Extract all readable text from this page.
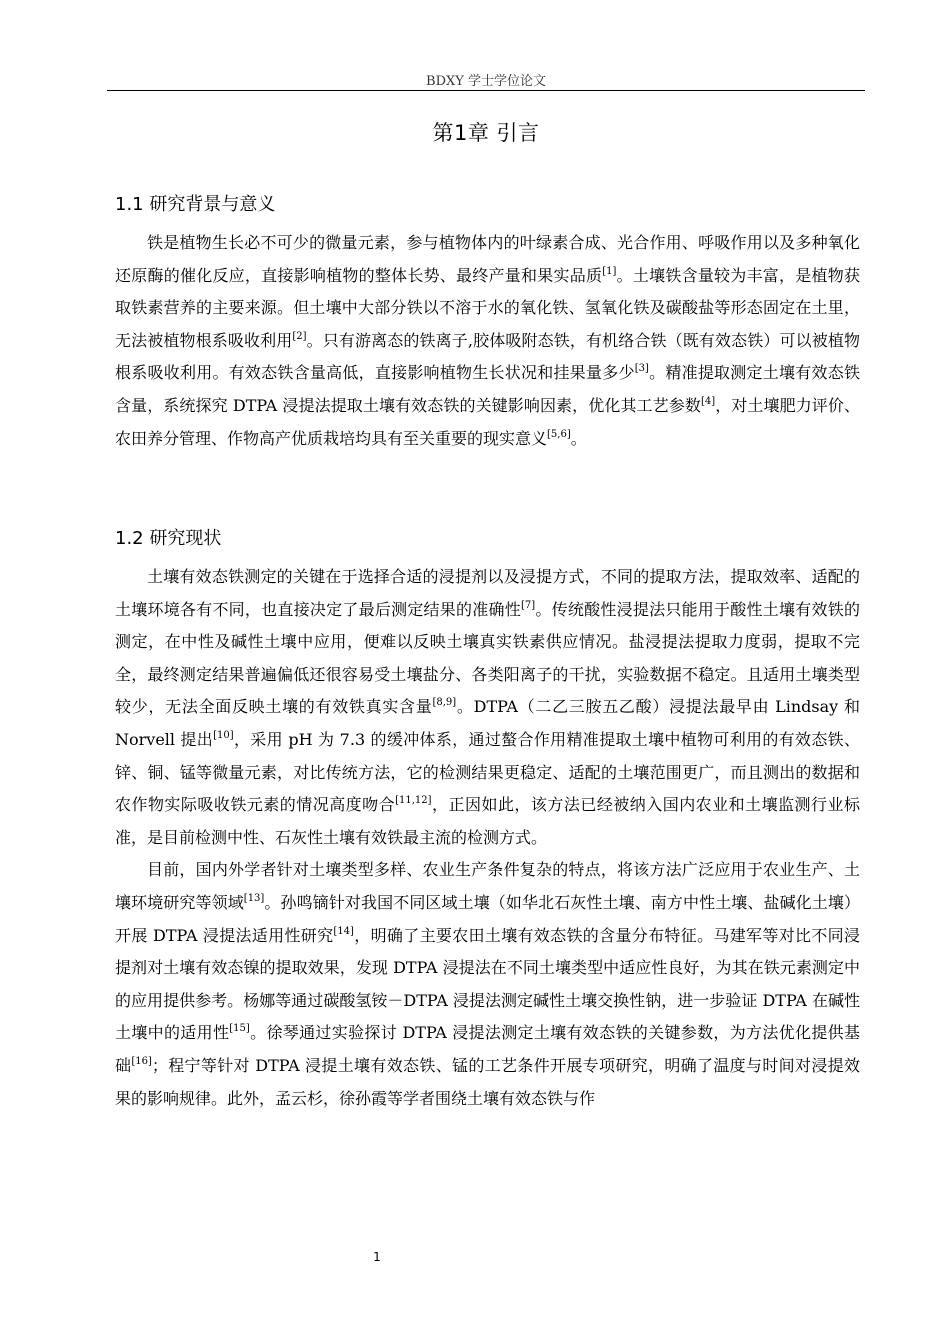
BDXY 学士学位论文
第1章 引言
1.1 研究背景与意义

铁是植物生长必不可少的微量元素，参与植物体内的叶绿素合成、光合作用、呼吸作用以及多种氧化还原酶的催化反应，直接影响植物的整体长势、最终产量和果实品质[1]。土壤铁含量较为丰富，是植物获取铁素营养的主要来源。但土壤中大部分铁以不溶于水的氧化铁、氢氧化铁及碳酸盐等形态固定在土里，无法被植物根系吸收利用[2]。只有游离态的铁离子,胶体吸附态铁，有机络合铁（既有效态铁）可以被植物根系吸收利用。有效态铁含量高低，直接影响植物生长状况和挂果量多少[3]。精准提取测定土壤有效态铁含量，系统探究 DTPA 浸提法提取土壤有效态铁的关键影响因素，优化其工艺参数[4]，对土壤肥力评价、农田养分管理、作物高产优质栽培均具有至关重要的现实意义[5,6]。

1.2 研究现状

土壤有效态铁测定的关键在于选择合适的浸提剂以及浸提方式，不同的提取方法，提取效率、适配的土壤环境各有不同，也直接决定了最后测定结果的准确性[7]。传统酸性浸提法只能用于酸性土壤有效铁的测定，在中性及碱性土壤中应用，便难以反映土壤真实铁素供应情况。盐浸提法提取力度弱，提取不完全，最终测定结果普遍偏低还很容易受土壤盐分、各类阳离子的干扰，实验数据不稳定。且适用土壤类型较少，无法全面反映土壤的有效铁真实含量[8,9]。DTPA（二乙三胺五乙酸）浸提法最早由 Lindsay 和 Norvell 提出[10]，采用 pH 为 7.3 的缓冲体系，通过螯合作用精准提取土壤中植物可利用的有效态铁、锌、铜、锰等微量元素，对比传统方法，它的检测结果更稳定、适配的土壤范围更广，而且测出的数据和农作物实际吸收铁元素的情况高度吻合[11,12]，正因如此，该方法已经被纳入国内农业和土壤监测行业标准，是目前检测中性、石灰性土壤有效铁最主流的检测方式。

目前，国内外学者针对土壤类型多样、农业生产条件复杂的特点，将该方法广泛应用于农业生产、土壤环境研究等领域[13]。孙鸣镝针对我国不同区域土壤（如华北石灰性土壤、南方中性土壤、盐碱化土壤）开展 DTPA 浸提法适用性研究[14]，明确了主要农田土壤有效态铁的含量分布特征。马建军等对比不同浸提剂对土壤有效态镍的提取效果，发现 DTPA 浸提法在不同土壤类型中适应性良好，为其在铁元素测定中的应用提供参考。杨娜等通过碳酸氢铵－DTPA 浸提法测定碱性土壤交换性钠，进一步验证 DTPA 在碱性土壤中的适用性[15]。徐琴通过实验探讨 DTPA 浸提法测定土壤有效态铁的关键参数，为方法优化提供基础[16]；程宁等针对 DTPA 浸提土壤有效态铁、锰的工艺条件开展专项研究，明确了温度与时间对浸提效果的影响规律。此外，孟云杉，徐孙霞等学者围绕土壤有效态铁与作

1
